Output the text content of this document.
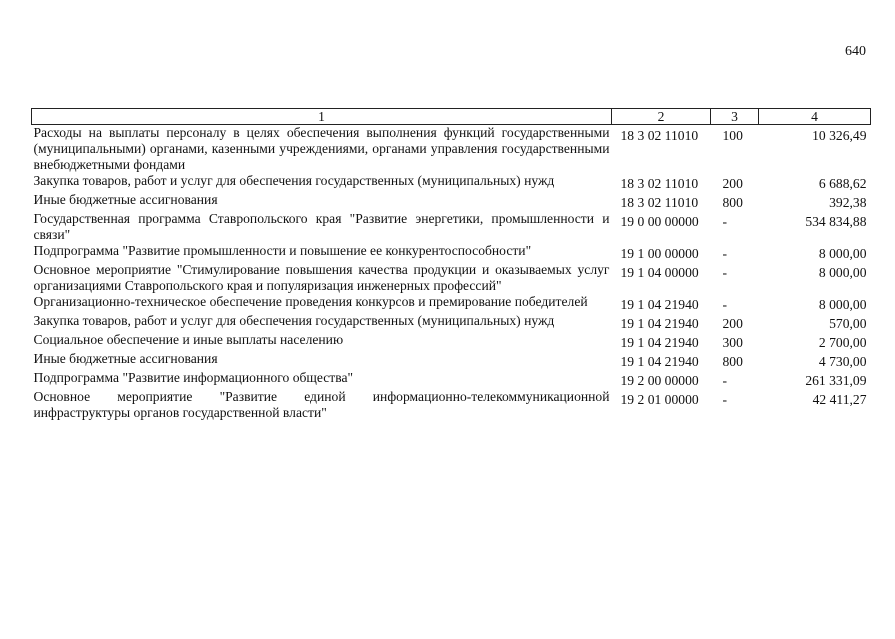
640
1	2	3	4
Расходы на выплаты персоналу в целях обеспечения выполнения функций государственными (муниципальными) органами, казенными учреждениями, органами управления государственными внебюджетными фондами	18 3 02 11010	100	10 326,49
Закупка товаров, работ и услуг для обеспечения государственных (муниципальных) нужд	18 3 02 11010	200	6 688,62
Иные бюджетные ассигнования	18 3 02 11010	800	392,38
Государственная программа Ставропольского края "Развитие энергетики, промышленности и связи"	19 0 00 00000	-	534 834,88
Подпрограмма "Развитие промышленности и повышение ее конкурентоспособности"	19 1 00 00000	-	8 000,00
Основное мероприятие "Стимулирование повышения качества продукции и оказываемых услуг организациями Ставропольского края и популяризация инженерных профессий"	19 1 04 00000	-	8 000,00
Организационно-техническое обеспечение проведения конкурсов и премирование победителей	19 1 04 21940	-	8 000,00
Закупка товаров, работ и услуг для обеспечения государственных (муниципальных) нужд	19 1 04 21940	200	570,00
Социальное обеспечение и иные выплаты населению	19 1 04 21940	300	2 700,00
Иные бюджетные ассигнования	19 1 04 21940	800	4 730,00
Подпрограмма "Развитие информационного общества"	19 2 00 00000	-	261 331,09
Основное мероприятие "Развитие единой информационно-телекоммуникационной инфраструктуры органов государственной власти"	19 2 01 00000	-	42 411,27
